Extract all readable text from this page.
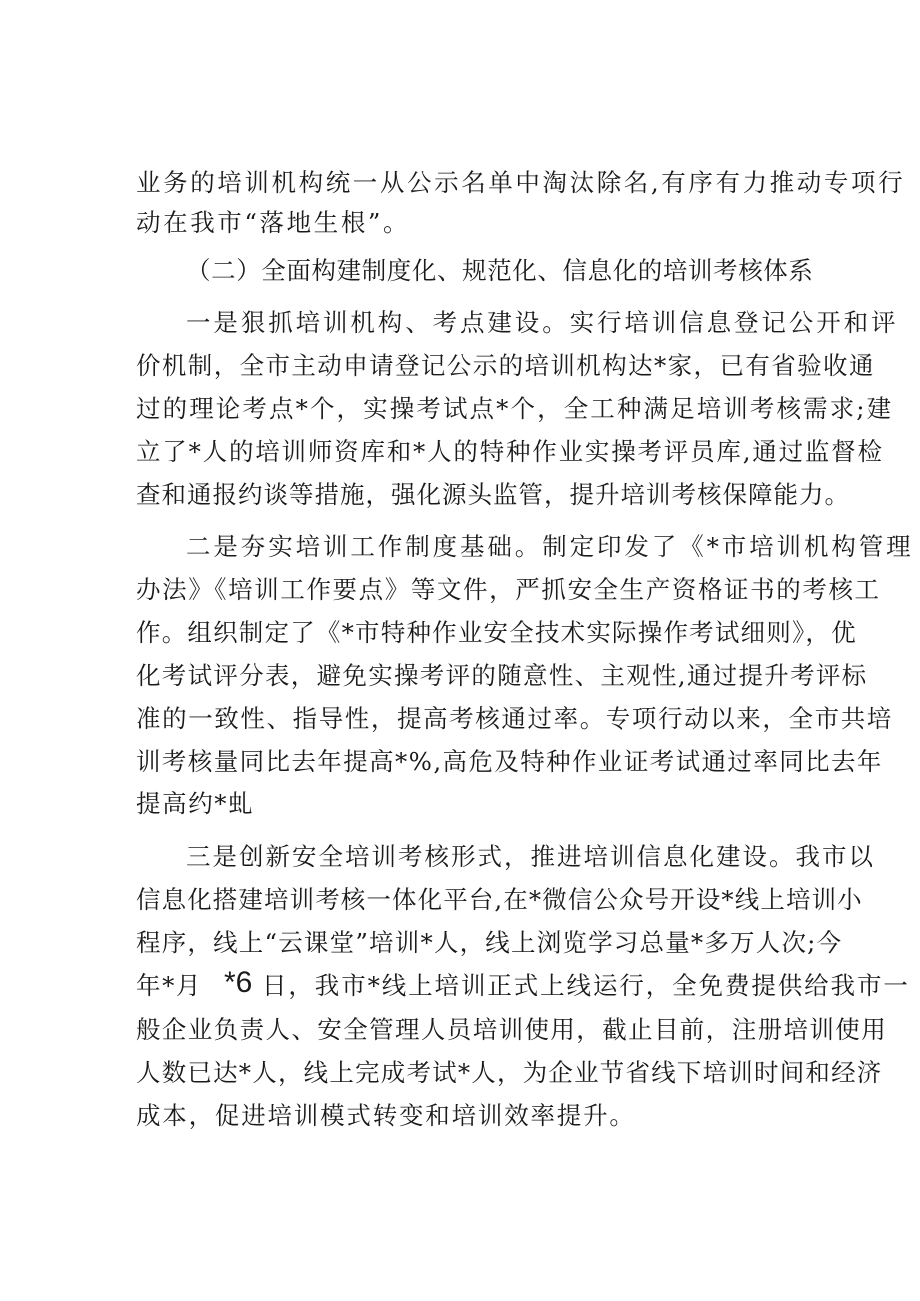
业务的培训机构统一从公示名单中淘汰除名,有序有力推动专项行
动在我市“落地生根”。
（二）全面构建制度化、规范化、信息化的培训考核体系
一是狠抓培训机构、考点建设。实行培训信息登记公开和评
价机制，全市主动申请登记公示的培训机构达*家，已有省验收通
过的理论考点*个，实操考试点*个，全工种满足培训考核需求;建
立了*人的培训师资库和*人的特种作业实操考评员库,通过监督检
查和通报约谈等措施，强化源头监管，提升培训考核保障能力。
二是夯实培训工作制度基础。制定印发了《*市培训机构管理
办法》《培训工作要点》等文件，严抓安全生产资格证书的考核工
作。组织制定了《*市特种作业安全技术实际操作考试细则》，优
化考试评分表，避免实操考评的随意性、主观性,通过提升考评标
准的一致性、指导性，提高考核通过率。专项行动以来，全市共培
训考核量同比去年提高*%,高危及特种作业证考试通过率同比去年
提高约*虬
三是创新安全培训考核形式，推进培训信息化建设。我市以
信息化搭建培训考核一体化平台,在*微信公众号开设*线上培训小
程序，线上“云课堂”培训*人，线上浏览学习总量*多万人次;今
年*月 *6 日，我市*线上培训正式上线运行，全免费提供给我市一
般企业负责人、安全管理人员培训使用，截止目前，注册培训使用
人数已达*人，线上完成考试*人，为企业节省线下培训时间和经济
成本，促进培训模式转变和培训效率提升。
